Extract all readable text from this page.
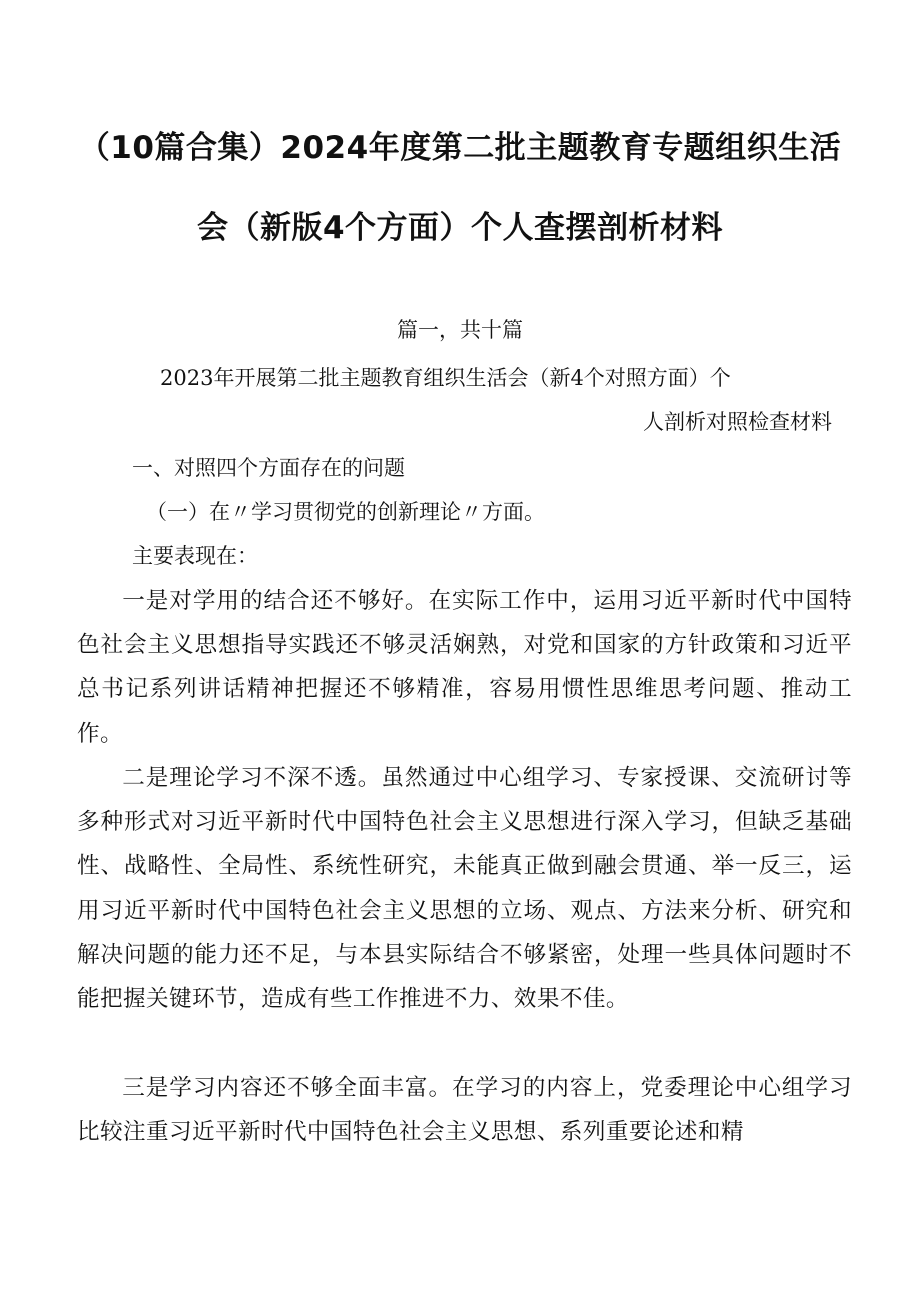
（10篇合集）2024年度第二批主题教育专题组织生活
会（新版4个方面）个人查摆剖析材料
篇一，共十篇
2023年开展第二批主题教育组织生活会（新4个对照方面）个
人剖析对照检查材料
一、对照四个方面存在的问题
（一）在〃学习贯彻党的创新理论〃方面。
主要表现在：

一是对学用的结合还不够好。在实际工作中，运用习近平新时代中国特色社会主义思想指导实践还不够灵活娴熟，对党和国家的方针政策和习近平总书记系列讲话精神把握还不够精准，容易用惯性思维思考问题、推动工作。

二是理论学习不深不透。虽然通过中心组学习、专家授课、交流研讨等多种形式对习近平新时代中国特色社会主义思想进行深入学习，但缺乏基础性、战略性、全局性、系统性研究，未能真正做到融会贯通、举一反三，运用习近平新时代中国特色社会主义思想的立场、观点、方法来分析、研究和解决问题的能力还不足，与本县实际结合不够紧密，处理一些具体问题时不能把握关键环节，造成有些工作推进不力、效果不佳。

三是学习内容还不够全面丰富。在学习的内容上，党委理论中心组学习比较注重习近平新时代中国特色社会主义思想、系列重要论述和精
